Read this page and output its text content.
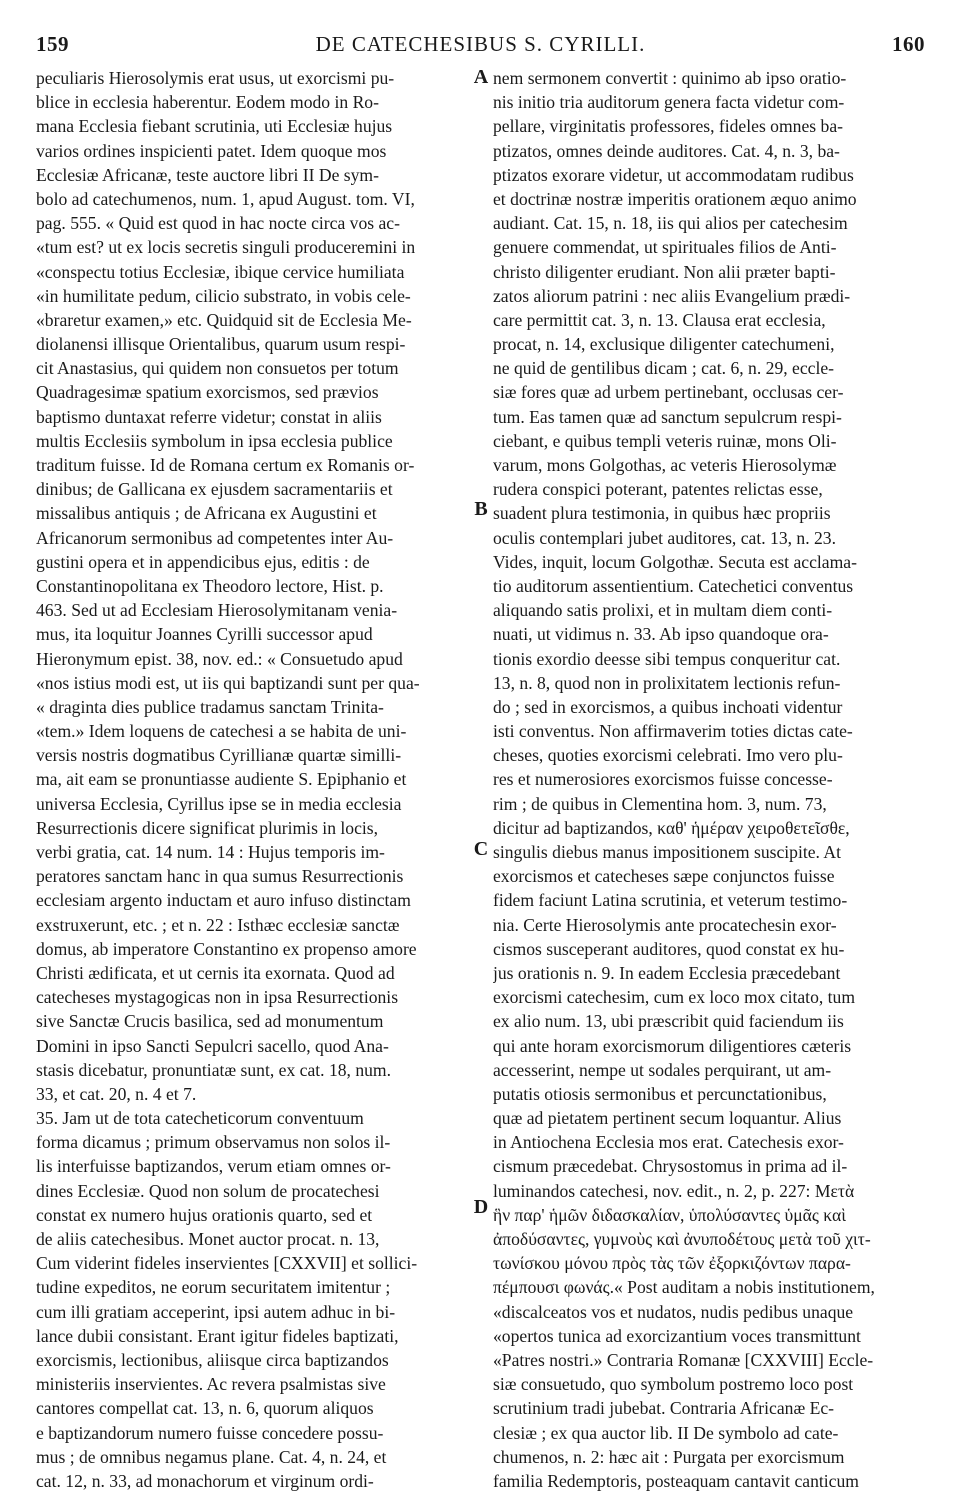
159	DE CATECHESIBUS S. CYRILLI.	160
peculiaris Hierosolymis erat usus, ut exorcismi pu-
blice in ecclesia haberentur. Eodem modo in Ro-
mana Ecclesia fiebant scrutinia, uti Ecclesiæ hujus
varios ordines inspicienti patet. Idem quoque mos
Ecclesiæ Africanæ, teste auctore libri II De sym-
bolo ad catechumenos, num. 1, apud August. tom. VI,
pag. 555. « Quid est quod in hac nocte circa vos ac-
«tum est? ut ex locis secretis singuli produceremini in
«conspectu totius Ecclesiæ, ibique cervice humiliata
«in humilitate pedum, cilicio substrato, in vobis cele-
«braretur examen,» etc. Quidquid sit de Ecclesia Me-
diolanensi illisque Orientalibus, quarum usum respi-
cit Anastasius, qui quidem non consuetos per totum
Quadragesimæ spatium exorcismos, sed prævios
baptismo duntaxat referre videtur; constat in aliis
multis Ecclesiis symbolum in ipsa ecclesia publice
traditum fuisse. Id de Romana certum ex Romanis or-
dinibus; de Gallicana ex ejusdem sacramentariis et
missalibus antiquis ; de Africana ex Augustini et
Africanorum sermonibus ad competentes inter Au-
gustini opera et in appendicibus ejus, editis : de
Constantinopolitana ex Theodoro lectore, Hist. p.
463. Sed ut ad Ecclesiam Hierosolymitanam venia-
mus, ita loquitur Joannes Cyrilli successor apud
Hieronymum epist. 38, nov. ed.: « Consuetudo apud
«nos istius modi est, ut iis qui baptizandi sunt per qua-
« draginta dies publice tradamus sanctam Trinita-
«tem.» Idem loquens de catechesi a se habita de uni-
versis nostris dogmatibus Cyrillianæ quartæ similli-
ma, ait eam se pronuntiasse audiente S. Epiphanio et
universa Ecclesia, Cyrillus ipse se in media ecclesia
Resurrectionis dicere significat plurimis in locis,
verbi gratia, cat. 14 num. 14 : Hujus temporis im-
peratores sanctam hanc in qua sumus Resurrectionis
ecclesiam argento inductam et auro infuso distinctam
exstruxerunt, etc. ; et n. 22 : Isthæc ecclesiæ sanctæ
domus, ab imperatore Constantino ex propenso amore
Christi ædificata, et ut cernis ita exornata. Quod ad
catecheses mystagogicas non in ipsa Resurrectionis
sive Sanctæ Crucis basilica, sed ad monumentum
Domini in ipso Sancti Sepulcri sacello, quod Ana-
stasis dicebatur, pronuntiatæ sunt, ex cat. 18, num.
33, et cat. 20, n. 4 et 7.
35. Jam ut de tota catecheticorum conventuum
forma dicamus ; primum observamus non solos il-
lis interfuisse baptizandos, verum etiam omnes or-
dines Ecclesiæ. Quod non solum de procatechesi
constat ex numero hujus orationis quarto, sed et
de aliis catechesibus. Monet auctor procat. n. 13,
Cum viderint fideles inservientes [CXXVII] et sollici-
tudine expeditos, ne eorum securitatem imitentur ;
cum illi gratiam acceperint, ipsi autem adhuc in bi-
lance dubii consistant. Erant igitur fideles baptizati,
exorcismis, lectionibus, aliisque circa baptizandos
ministeriis inservientes. Ac revera psalmistas sive
cantores compellat cat. 13, n. 6, quorum aliquos
e baptizandorum numero fuisse concedere possu-
mus ; de omnibus negamus plane. Cat. 4, n. 24, et
cat. 12, n. 33, ad monachorum et virginum ordi-
A
B
C
D
nem sermonem convertit : quinimo ab ipso oratio-
nis initio tria auditorum genera facta videtur com-
pellare, virginitatis professores, fideles omnes ba-
ptizatos, omnes deinde auditores. Cat. 4, n. 3, ba-
ptizatos exorare videtur, ut accommodatam rudibus
et doctrinæ nostræ imperitis orationem æquo animo
audiant. Cat. 15, n. 18, iis qui alios per catechesim
genuere commendat, ut spirituales filios de Anti-
christo diligenter erudiant. Non alii præter bapti-
zatos aliorum patrini : nec aliis Evangelium prædi-
care permittit cat. 3, n. 13. Clausa erat ecclesia,
procat, n. 14, exclusique diligenter catechumeni,
ne quid de gentilibus dicam ; cat. 6, n. 29, eccle-
siæ fores quæ ad urbem pertinebant, occlusas cer-
tum. Eas tamen quæ ad sanctum sepulcrum respi-
ciebant, e quibus templi veteris ruinæ, mons Oli-
varum, mons Golgothas, ac veteris Hierosolymæ
rudera conspici poterant, patentes relictas esse,
suadent plura testimonia, in quibus hæc propriis
oculis contemplari jubet auditores, cat. 13, n. 23.
Vides, inquit, locum Golgothæ. Secuta est acclama-
tio auditorum assentientium. Catechetici conventus
aliquando satis prolixi, et in multam diem conti-
nuati, ut vidimus n. 33. Ab ipso quandoque ora-
tionis exordio deesse sibi tempus conqueritur cat.
13, n. 8, quod non in prolixitatem lectionis refun-
do ; sed in exorcismos, a quibus inchoati videntur
isti conventus. Non affirmaverim toties dictas cate-
cheses, quoties exorcismi celebrati. Imo vero plu-
res et numerosiores exorcismos fuisse concesse-
rim ; de quibus in Clementina hom. 3, num. 73,
dicitur ad baptizandos, καθ' ἡμέραν χειροθετεῖσθε,
singulis diebus manus impositionem suscipite. At
exorcismos et catecheses sæpe conjunctos fuisse
fidem faciunt Latina scrutinia, et veterum testimo-
nia. Certe Hierosolymis ante procatechesin exor-
cismos susceperant auditores, quod constat ex hu-
jus orationis n. 9. In eadem Ecclesia præcedebant
exorcismi catechesim, cum ex loco mox citato, tum
ex alio num. 13, ubi præscribit quid faciendum iis
qui ante horam exorcismorum diligentiores cæteris
accesserint, nempe ut sodales perquirant, ut am-
putatis otiosis sermonibus et percunctationibus,
quæ ad pietatem pertinent secum loquantur. Alius
in Antiochena Ecclesia mos erat. Catechesis exor-
cismum præcedebat. Chrysostomus in prima ad il-
luminandos catechesi, nov. edit., n. 2, p. 227: Μετὰ
ἣν παρ' ἡμῶν διδασκαλίαν, ὑπολύσαντες ὑμᾶς καὶ
ἀποδύσαντες, γυμνοὺς καὶ ἀνυποδέτους μετὰ τοῦ χιτ-
τωνίσκου μόνου πρὸς τὰς τῶν ἐξορκιζόντων παρα-
πέμπουσι φωνάς.« Post auditam a nobis institutionem,
«discalceatos vos et nudatos, nudis pedibus unaque
«opertos tunica ad exorcizantium voces transmittunt
«Patres nostri.» Contraria Romanæ [CXXVIII] Eccle-
siæ consuetudo, quo symbolum postremo loco post
scrutinium tradi jubebat. Contraria Africanæ Ec-
clesiæ ; ex qua auctor lib. II De symbolo ad cate-
chumenos, n. 2: hæc ait : Purgata per exorcismum
familia Redemptoris, posteaquam cantavit canticum
